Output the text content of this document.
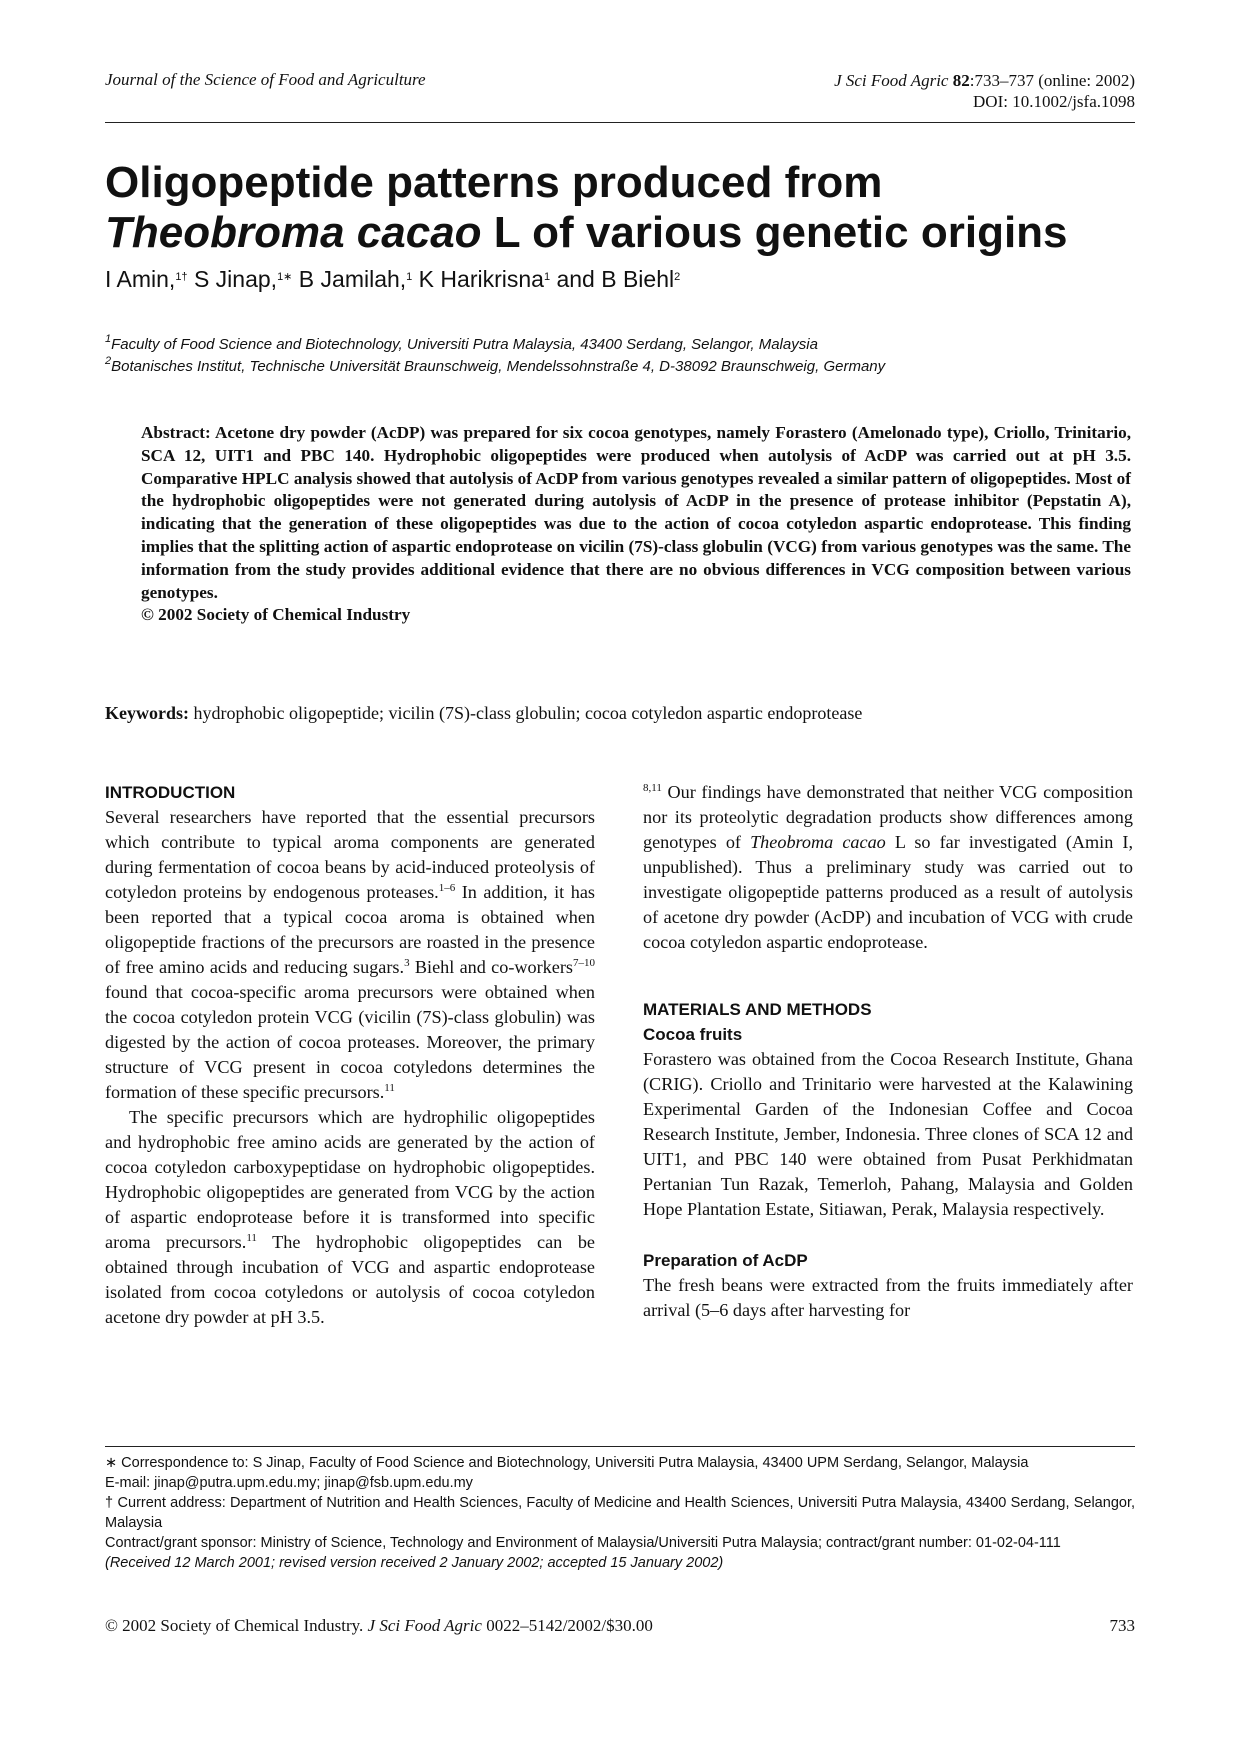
Journal of the Science of Food and Agriculture	J Sci Food Agric 82:733–737 (online: 2002)
DOI: 10.1002/jsfa.1098
Oligopeptide patterns produced from
Theobroma cacao L of various genetic origins
I Amin,$^{1\dagger}$ S Jinap,$^{1∗}$ B Jamilah,$^1$ K Harikrisna$^1$ and B Biehl$^2$
$^1$Faculty of Food Science and Biotechnology, Universiti Putra Malaysia, 43400 Serdang, Selangor, Malaysia
$^2$Botanisches Institut, Technische Universität Braunschweig, Mendelssohnstraße 4, D-38092 Braunschweig, Germany
Abstract: Acetone dry powder (AcDP) was prepared for six cocoa genotypes, namely Forastero (Amelonado type), Criollo, Trinitario, SCA 12, UIT1 and PBC 140. Hydrophobic oligopeptides were produced when autolysis of AcDP was carried out at pH 3.5. Comparative HPLC analysis showed that autolysis of AcDP from various genotypes revealed a similar pattern of oligopeptides. Most of the hydrophobic oligopeptides were not generated during autolysis of AcDP in the presence of protease inhibitor (Pepstatin A), indicating that the generation of these oligopeptides was due to the action of cocoa cotyledon aspartic endoprotease. This finding implies that the splitting action of aspartic endoprotease on vicilin (7S)-class globulin (VCG) from various genotypes was the same. The information from the study provides additional evidence that there are no obvious differences in VCG composition between various genotypes.
© 2002 Society of Chemical Industry
Keywords: hydrophobic oligopeptide; vicilin (7S)-class globulin; cocoa cotyledon aspartic endoprotease
INTRODUCTION

Several researchers have reported that the essential precursors which contribute to typical aroma components are generated during fermentation of cocoa beans by acid-induced proteolysis of cotyledon proteins by endogenous proteases.$^{1-6}$ In addition, it has been reported that a typical cocoa aroma is obtained when oligopeptide fractions of the precursors are roasted in the presence of free amino acids and reducing sugars.$^3$ Biehl and co-workers$^{7-10}$ found that cocoa-specific aroma precursors were obtained when the cocoa cotyledon protein VCG (vicilin (7S)-class globulin) was digested by the action of cocoa proteases. Moreover, the primary structure of VCG present in cocoa cotyledons determines the formation of these specific precursors.$^{11}$

The specific precursors which are hydrophilic oligopeptides and hydrophobic free amino acids are generated by the action of cocoa cotyledon carboxypeptidase on hydrophobic oligopeptides. Hydrophobic oligopeptides are generated from VCG by the action of aspartic endoprotease before it is transformed into specific aroma precursors.$^{11}$ The hydrophobic oligopeptides can be obtained through incubation of VCG and aspartic endoprotease isolated from cocoa cotyledons or autolysis of cocoa cotyledon acetone dry powder at pH 3.5.

$^{8,11}$ Our findings have demonstrated that neither VCG composition nor its proteolytic degradation products show differences among genotypes of Theobroma cacao L so far investigated (Amin I, unpublished). Thus a preliminary study was carried out to investigate oligopeptide patterns produced as a result of autolysis of acetone dry powder (AcDP) and incubation of VCG with crude cocoa cotyledon aspartic endoprotease.

MATERIALS AND METHODS
Cocoa fruits

Forastero was obtained from the Cocoa Research Institute, Ghana (CRIG). Criollo and Trinitario were harvested at the Kalawining Experimental Garden of the Indonesian Coffee and Cocoa Research Institute, Jember, Indonesia. Three clones of SCA 12 and UIT1, and PBC 140 were obtained from Pusat Perkhidmatan Pertanian Tun Razak, Temerloh, Pahang, Malaysia and Golden Hope Plantation Estate, Sitiawan, Perak, Malaysia respectively.

Preparation of AcDP

The fresh beans were extracted from the fruits immediately after arrival (5–6 days after harvesting for

∗ Correspondence to: S Jinap, Faculty of Food Science and Biotechnology, Universiti Putra Malaysia, 43400 UPM Serdang, Selangor, Malaysia

E-mail: jinap@putra.upm.edu.my; jinap@fsb.upm.edu.my

† Current address: Department of Nutrition and Health Sciences, Faculty of Medicine and Health Sciences, Universiti Putra Malaysia, 43400 Serdang, Selangor, Malaysia

Contract/grant sponsor: Ministry of Science, Technology and Environment of Malaysia/Universiti Putra Malaysia; contract/grant number: 01-02-04-111

(Received 12 March 2001; revised version received 2 January 2002; accepted 15 January 2002)

© 2002 Society of Chemical Industry. J Sci Food Agric 0022–5142/2002/$30.00	733
